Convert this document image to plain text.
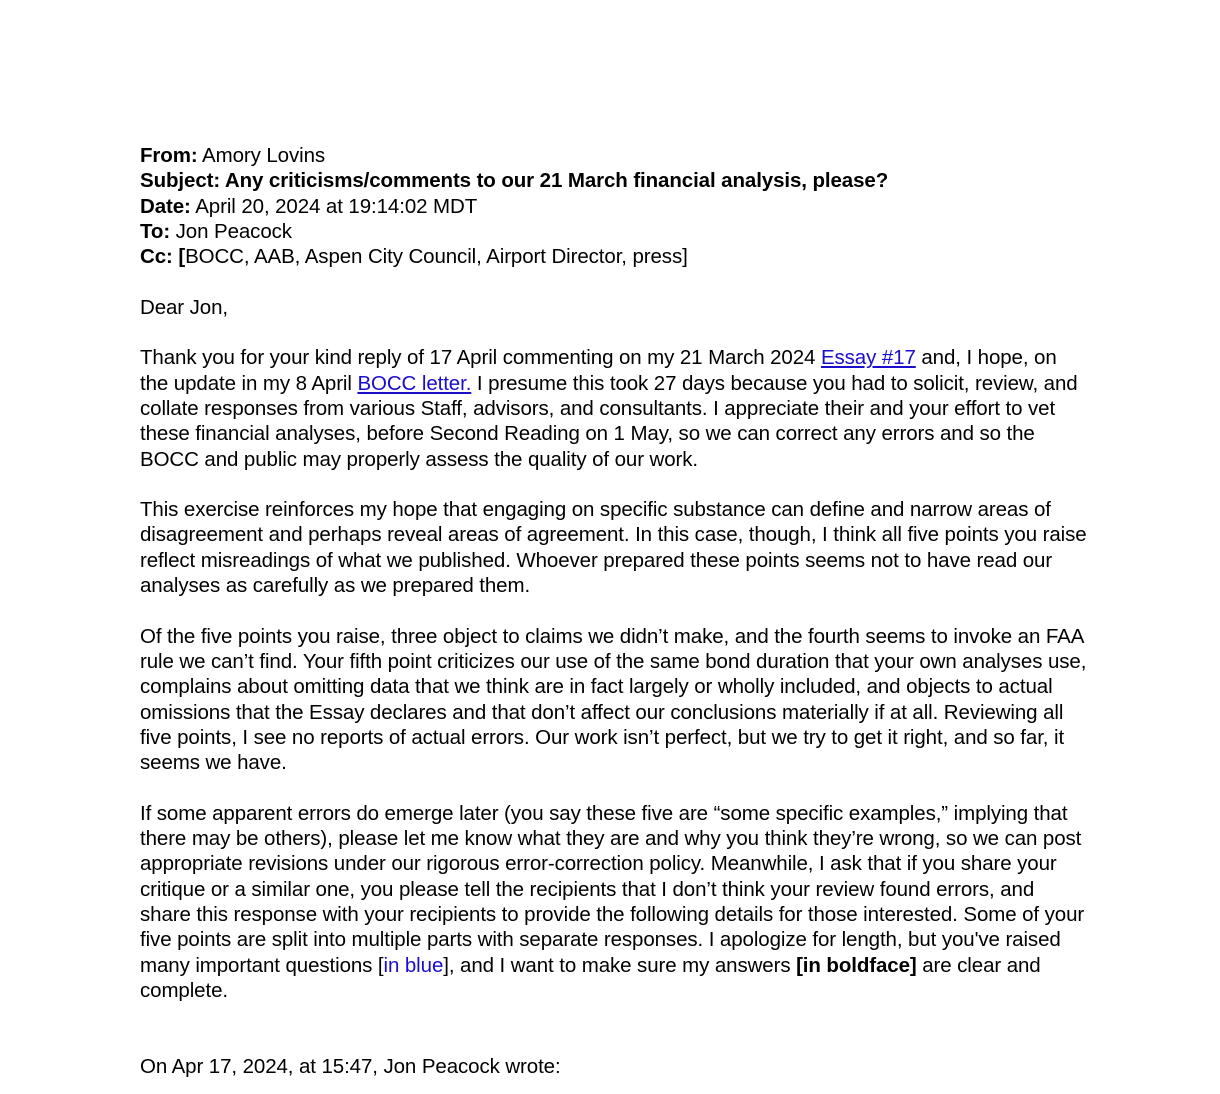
From: Amory Lovins
Subject: Any criticisms/comments to our 21 March financial analysis, please?
Date: April 20, 2024 at 19:14:02 MDT
To: Jon Peacock
Cc: [BOCC, AAB, Aspen City Council, Airport Director, press]

Dear Jon,

Thank you for your kind reply of 17 April commenting on my 21 March 2024 Essay #17 and, I hope, on the update in my 8 April BOCC letter. I presume this took 27 days because you had to solicit, review, and collate responses from various Staff, advisors, and consultants. I appreciate their and your effort to vet these financial analyses, before Second Reading on 1 May, so we can correct any errors and so the BOCC and public may properly assess the quality of our work.

This exercise reinforces my hope that engaging on specific substance can define and narrow areas of disagreement and perhaps reveal areas of agreement. In this case, though, I think all five points you raise reflect misreadings of what we published. Whoever prepared these points seems not to have read our analyses as carefully as we prepared them.

Of the five points you raise, three object to claims we didn’t make, and the fourth seems to invoke an FAA rule we can’t find. Your fifth point criticizes our use of the same bond duration that your own analyses use, complains about omitting data that we think are in fact largely or wholly included, and objects to actual omissions that the Essay declares and that don’t affect our conclusions materially if at all. Reviewing all five points, I see no reports of actual errors. Our work isn’t perfect, but we try to get it right, and so far, it seems we have.

If some apparent errors do emerge later (you say these five are “some specific examples,” implying that there may be others), please let me know what they are and why you think they’re wrong, so we can post appropriate revisions under our rigorous error-correction policy. Meanwhile, I ask that if you share your critique or a similar one, you please tell the recipients that I don’t think your review found errors, and share this response with your recipients to provide the following details for those interested. Some of your five points are split into multiple parts with separate responses. I apologize for length, but you've raised many important questions [in blue], and I want to make sure my answers [in boldface] are clear and complete.

On Apr 17, 2024, at 15:47, Jon Peacock wrote:
